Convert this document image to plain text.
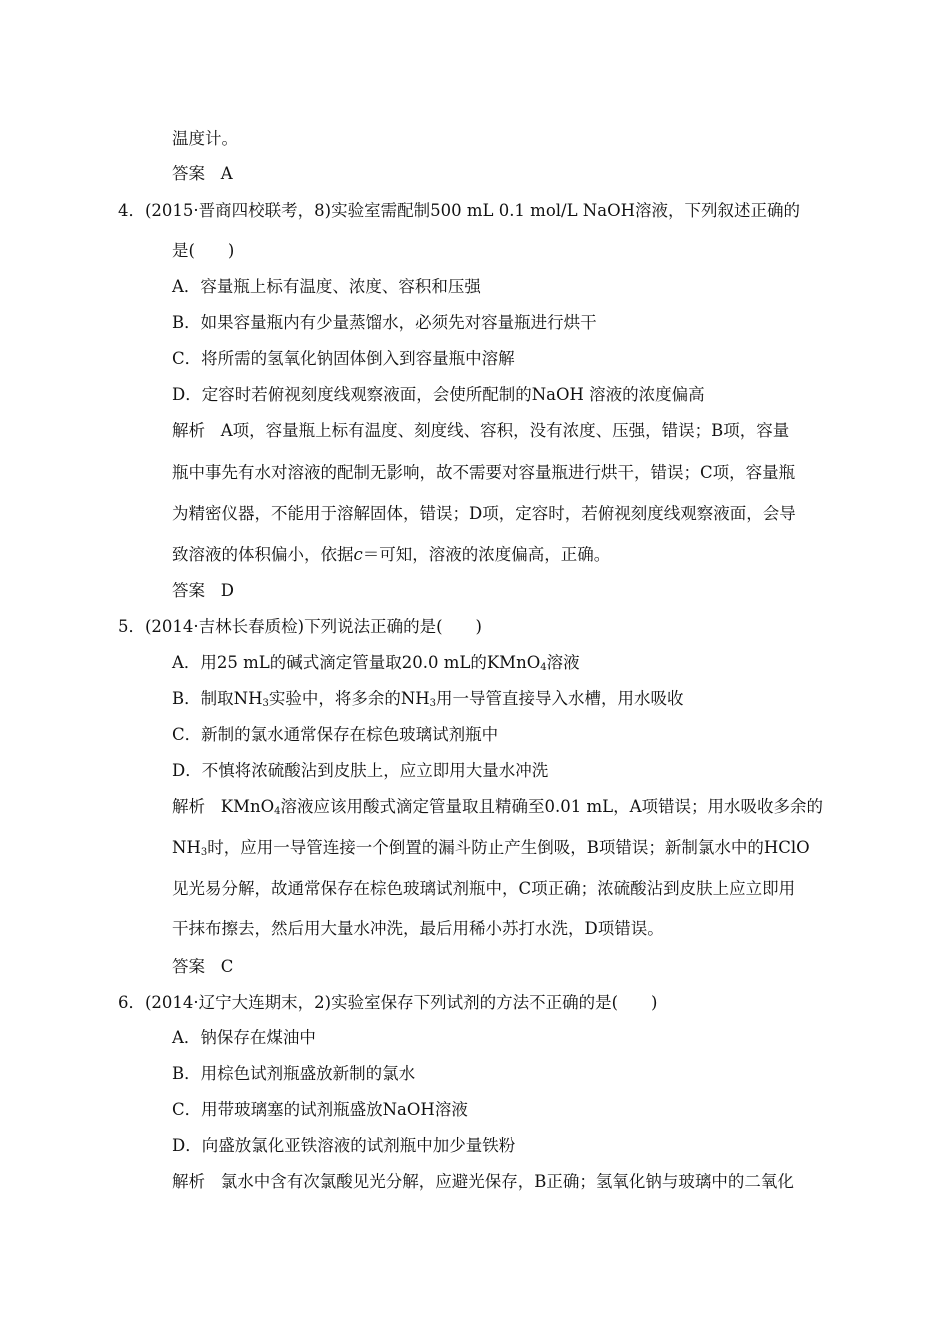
温度计。
答案 A
4．(2015·晋商四校联考，8)实验室需配制500 mL 0.1 mol/L NaOH溶液，下列叙述正确的
是(　　)
A．容量瓶上标有温度、浓度、容积和压强
B．如果容量瓶内有少量蒸馏水，必须先对容量瓶进行烘干
C．将所需的氢氧化钠固体倒入到容量瓶中溶解
D．定容时若俯视刻度线观察液面，会使所配制的NaOH 溶液的浓度偏高
解析 A项，容量瓶上标有温度、刻度线、容积，没有浓度、压强，错误；B项，容量
瓶中事先有水对溶液的配制无影响，故不需要对容量瓶进行烘干，错误；C项，容量瓶
为精密仪器，不能用于溶解固体，错误；D项，定容时，若俯视刻度线观察液面，会导
致溶液的体积偏小，依据c＝可知，溶液的浓度偏高，正确。
答案 D
5．(2014·吉林长春质检)下列说法正确的是(　　)
A．用25 mL的碱式滴定管量取20.0 mL的KMnO$_4$溶液
B．制取$NH_3$实验中，将多余的$NH_3$用一导管直接导入水槽，用水吸收
C．新制的氯水通常保存在棕色玻璃试剂瓶中
D．不慎将浓硫酸沾到皮肤上，应立即用大量水冲洗
解析 KMnO$_4$溶液应该用酸式滴定管量取且精确至0.01 mL，A项错误；用水吸收多余的
$NH_3$时，应用一导管连接一个倒置的漏斗防止产生倒吸，B项错误；新制氯水中的HClO
见光易分解，故通常保存在棕色玻璃试剂瓶中，C项正确；浓硫酸沾到皮肤上应立即用
干抹布擦去，然后用大量水冲洗，最后用稀小苏打水洗，D项错误。
答案 C
6．(2014·辽宁大连期末，2)实验室保存下列试剂的方法不正确的是(　　)
A．钠保存在煤油中
B．用棕色试剂瓶盛放新制的氯水
C．用带玻璃塞的试剂瓶盛放NaOH溶液
D．向盛放氯化亚铁溶液的试剂瓶中加少量铁粉
解析 氯水中含有次氯酸见光分解，应避光保存，B正确；氢氧化钠与玻璃中的二氧化
